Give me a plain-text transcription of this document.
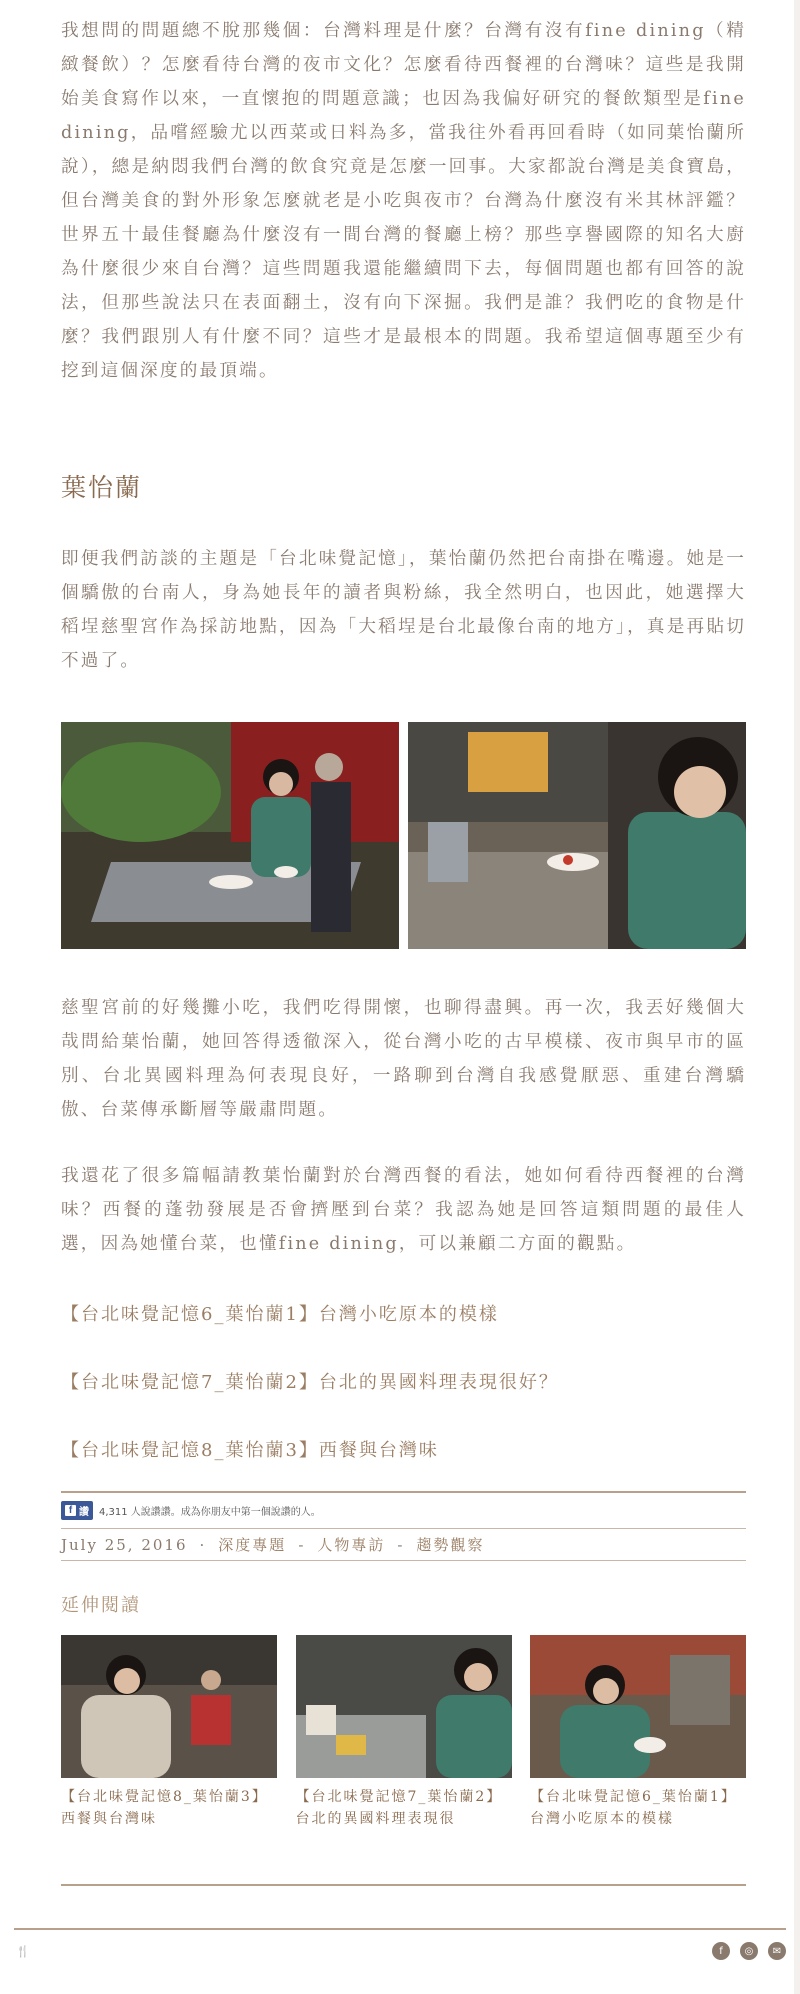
我想問的問題總不脫那幾個：台灣料理是什麼？台灣有沒有fine dining（精緻餐飲）？怎麼看待台灣的夜市文化？怎麼看待西餐裡的台灣味？這些是我開始美食寫作以來，一直懷抱的問題意識；也因為我偏好研究的餐飲類型是fine dining，品嚐經驗尤以西菜或日料為多，當我往外看再回看時（如同葉怡蘭所說），總是納悶我們台灣的飲食究竟是怎麼一回事。大家都說台灣是美食寶島，但台灣美食的對外形象怎麼就老是小吃與夜市？台灣為什麼沒有米其林評鑑？世界五十最佳餐廳為什麼沒有一間台灣的餐廳上榜？那些享譽國際的知名大廚為什麼很少來自台灣？這些問題我還能繼續問下去，每個問題也都有回答的說法，但那些說法只在表面翻土，沒有向下深掘。我們是誰？我們吃的食物是什麼？我們跟別人有什麼不同？這些才是最根本的問題。我希望這個專題至少有挖到這個深度的最頂端。

葉怡蘭

即便我們訪談的主題是「台北味覺記憶」，葉怡蘭仍然把台南掛在嘴邊。她是一個驕傲的台南人，身為她長年的讀者與粉絲，我全然明白，也因此，她選擇大稻埕慈聖宮作為採訪地點，因為「大稻埕是台北最像台南的地方」，真是再貼切不過了。

慈聖宮前的好幾攤小吃，我們吃得開懷，也聊得盡興。再一次，我丟好幾個大哉問給葉怡蘭，她回答得透徹深入，從台灣小吃的古早模樣、夜市與早市的區別、台北異國料理為何表現良好，一路聊到台灣自我感覺厭惡、重建台灣驕傲、台菜傳承斷層等嚴肅問題。

我還花了很多篇幅請教葉怡蘭對於台灣西餐的看法，她如何看待西餐裡的台灣味？西餐的蓬勃發展是否會擠壓到台菜？我認為她是回答這類問題的最佳人選，因為她懂台菜，也懂fine dining，可以兼顧二方面的觀點。

【台北味覺記憶6_葉怡蘭1】台灣小吃原本的模樣
【台北味覺記憶7_葉怡蘭2】台北的異國料理表現很好？
【台北味覺記憶8_葉怡蘭3】西餐與台灣味
f 讚 4,311 人說讚讚。成為你朋友中第一個說讚的人。
July 25, 2016 · 深度專題 - 人物專訪 - 趨勢觀察
延伸閱讀
【台北味覺記憶8_葉怡蘭3】西餐與台灣味
【台北味覺記憶7_葉怡蘭2】台北的異國料理表現很
【台北味覺記憶6_葉怡蘭1】台灣小吃原本的模樣
🍴	f	◎	✉
